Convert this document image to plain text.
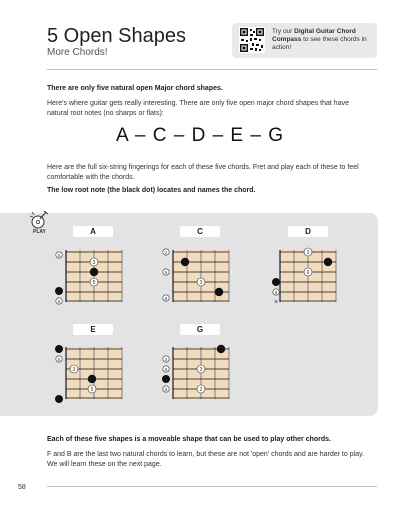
5 Open Shapes
More Chords!
Try our Digital Guitar Chord Compass to see these chords in action!
There are only five natural open Major chord shapes.
Here's where guitar gets really interesting. There are only five open major chord shapes that have natural root notes (no sharps or flats):
A – C – D – E – G
Here are the full six-string fingerings for each of these five chords. Fret and play each of these to feel comfortable with the chords.
The low root note (the black dot) locates and names the chord.
PLAY	A	C	D
E	G
5
6
3
5
2
5
6
3
5
×
3
6
5
3
5
3
5
5
3
2
Each of these five shapes is a moveable shape that can be used to play other chords.
F and B are the last two natural chords to learn, but these are not 'open' chords and are harder to play. We will learn these on the next page.
58
